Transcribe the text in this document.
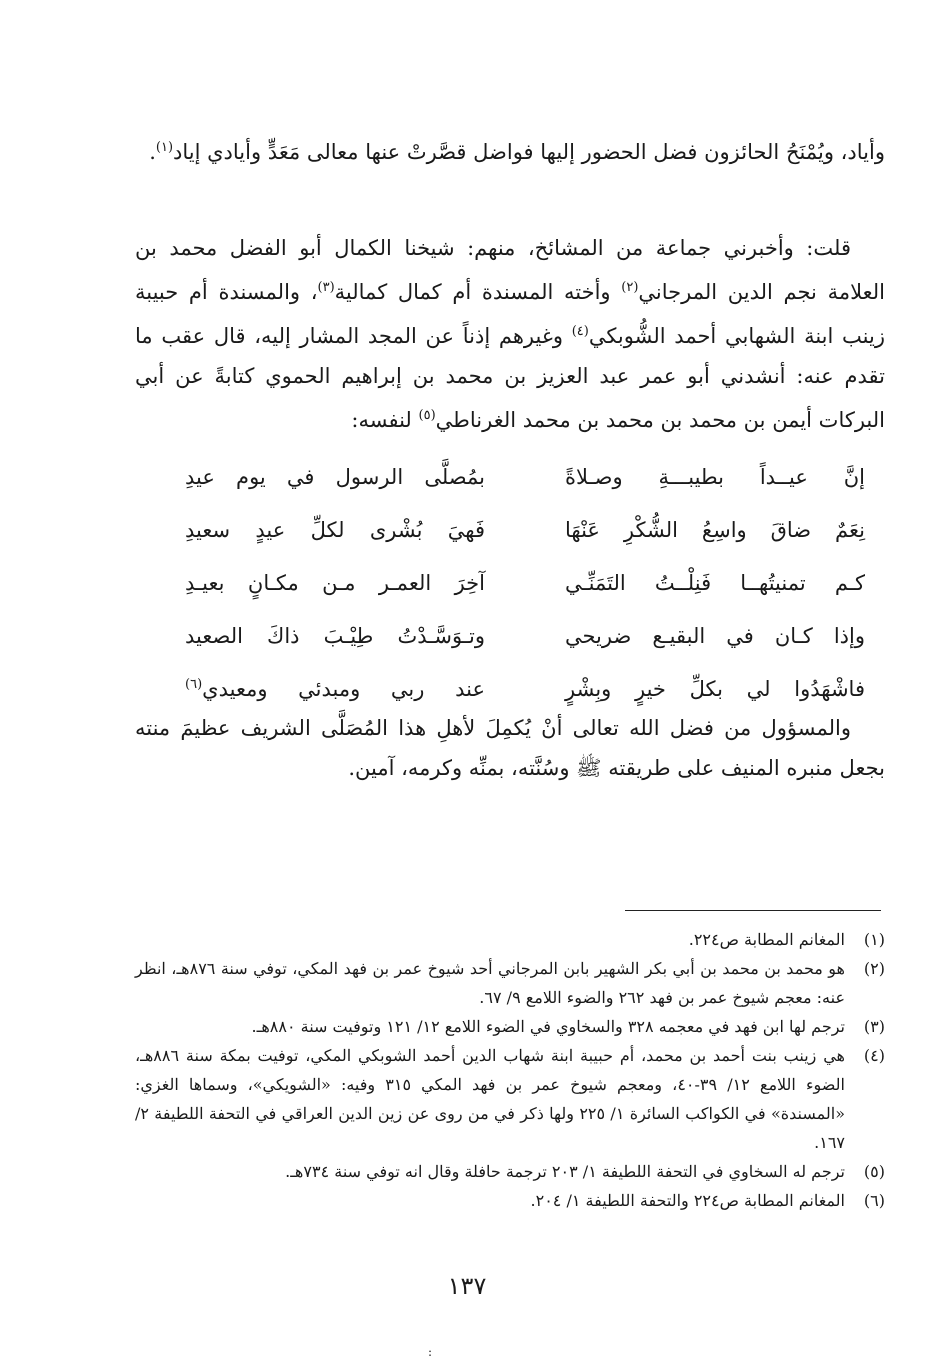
وأياد، ويُمْنَحُ الحائزون فضل الحضور إليها فواضل قصَّرتْ عنها معالى مَعَدٍّ وأيادي إياد$^{(١)}$.
قلت: وأخبرني جماعة من المشائخ، منهم: شيخنا الكمال أبو الفضل محمد بن العلامة نجم الدين المرجاني$^{(٢)}$ وأخته المسندة أم كمال كمالية$^{(٣)}$، والمسندة أم حبيبة زينب ابنة الشهابي أحمد الشُّوبكي$^{(٤)}$ وغيرهم إذناً عن المجد المشار إليه، قال عقب ما تقدم عنه: أنشدني أبو عمر عبد العزيز بن محمد بن إبراهيم الحموي كتابةً عن أبي البركات أيمن بن محمد بن محمد بن محمد الغرناطي$^{(٥)}$ لنفسه:
إنَّ عيــداً بطيبـــةِ وصـلاةً
بمُصلَّى الرسول في يوم عيدِ
نِعَمٌ ضاقَ واسِعُ الشُّكْرِ عَنْهَا
فَهيَ بُشْرى لكلِّ عيدٍ سعيدِ
كـم تمنيتُهــا فَنِلْــتُ التَمَنِّـي
آخِرَ العمـر مـن مكـانٍ بعيـدِ
وإذا كـان في البقيـع ضريحي
وتـوَسَّـدْتُ طِيْـبَ ذاكَ الصعيد
فاشْهَدُوا لي بكلِّ خيرٍ وبِشْرٍ
عند ربي ومبدئي ومعيدي$^{(٦)}$
والمسؤول من فضل الله تعالى أنْ يُكمِلَ لأهلِ هذا المُصَلَّى الشريف عظيمَ منته بجعل منبره المنيف على طريقته ﷺ وسُنَّته، بمنِّه وكرمه، آمين.
(١)
المغانم المطابة ص٢٢٤.
(٢)
هو محمد بن محمد بن أبي بكر الشهير بابن المرجاني أحد شيوخ عمر بن فهد المكي، توفي سنة ٨٧٦هـ، انظر عنه: معجم شيوخ عمر بن فهد ٢٦٢ والضوء اللامع ٩/ ٦٧.
(٣)
ترجم لها ابن فهد في معجمه ٣٢٨ والسخاوي في الضوء اللامع ١٢/ ١٢١ وتوفيت سنة ٨٨٠هـ.
(٤)
هي زينب بنت أحمد بن محمد، أم حبيبة ابنة شهاب الدين أحمد الشوبكي المكي، توفيت بمكة سنة ٨٨٦هـ، الضوء اللامع ١٢/ ٣٩-٤٠، ومعجم شيوخ عمر بن فهد المكي ٣١٥ وفيه: «الشويكي»، وسماها الغزي: «المسندة» في الكواكب السائرة ١/ ٢٢٥ ولها ذكر في من روى عن زين الدين العراقي في التحفة اللطيفة ٢/ ١٦٧.
(٥)
ترجم له السخاوي في التحفة اللطيفة ١/ ٢٠٣ ترجمة حافلة وقال انه توفي سنة ٧٣٤هـ.
(٦)
المغانم المطابة ص٢٢٤ والتحفة اللطيفة ١/ ٢٠٤.
١٣٧
:
